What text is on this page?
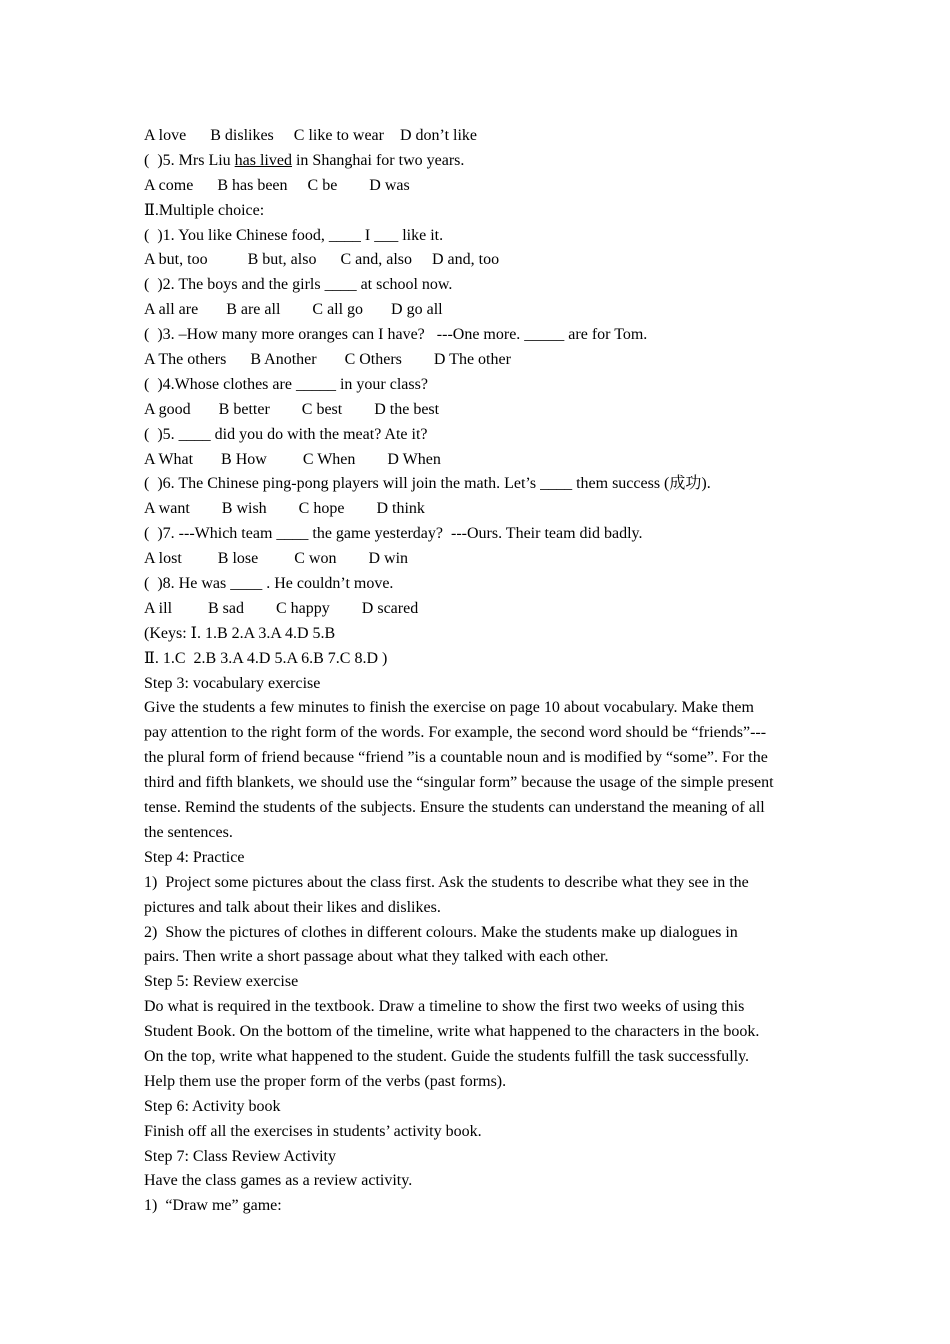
A love      B dislikes     C like to wear    D don’t like
(  )5. Mrs Liu has lived in Shanghai for two years.
A come      B has been     C be        D was
Ⅱ.Multiple choice:
(  )1. You like Chinese food, ____ I ___ like it.
A but, too          B but, also      C and, also     D and, too
(  )2. The boys and the girls ____ at school now.
A all are       B are all        C all go       D go all
(  )3. –How many more oranges can I have?   ---One more. _____ are for Tom.
A The others      B Another       C Others        D The other
(  )4.Whose clothes are _____ in your class?
A good       B better        C best        D the best
(  )5. ____ did you do with the meat? Ate it?
A What       B How         C When        D When
(  )6. The Chinese ping-pong players will join the math. Let’s ____ them success (成功).
A want        B wish        C hope        D think
(  )7. ---Which team ____ the game yesterday?  ---Ours. Their team did badly.
A lost         B lose         C won        D win
(  )8. He was ____ . He couldn’t move.
A ill         B sad        C happy        D scared
(Keys: Ⅰ. 1.B 2.A 3.A 4.D 5.B
Ⅱ. 1.C  2.B 3.A 4.D 5.A 6.B 7.C 8.D )
Step 3: vocabulary exercise
Give the students a few minutes to finish the exercise on page 10 about vocabulary. Make them
pay attention to the right form of the words. For example, the second word should be “friends”---
the plural form of friend because “friend ”is a countable noun and is modified by “some”. For the
third and fifth blankets, we should use the “singular form” because the usage of the simple present
tense. Remind the students of the subjects. Ensure the students can understand the meaning of all
the sentences.
Step 4: Practice
1)  Project some pictures about the class first. Ask the students to describe what they see in the
pictures and talk about their likes and dislikes.
2)  Show the pictures of clothes in different colours. Make the students make up dialogues in
pairs. Then write a short passage about what they talked with each other.
Step 5: Review exercise
Do what is required in the textbook. Draw a timeline to show the first two weeks of using this
Student Book. On the bottom of the timeline, write what happened to the characters in the book.
On the top, write what happened to the student. Guide the students fulfill the task successfully.
Help them use the proper form of the verbs (past forms).
Step 6: Activity book
Finish off all the exercises in students’ activity book.
Step 7: Class Review Activity
Have the class games as a review activity.
1)  “Draw me” game:
